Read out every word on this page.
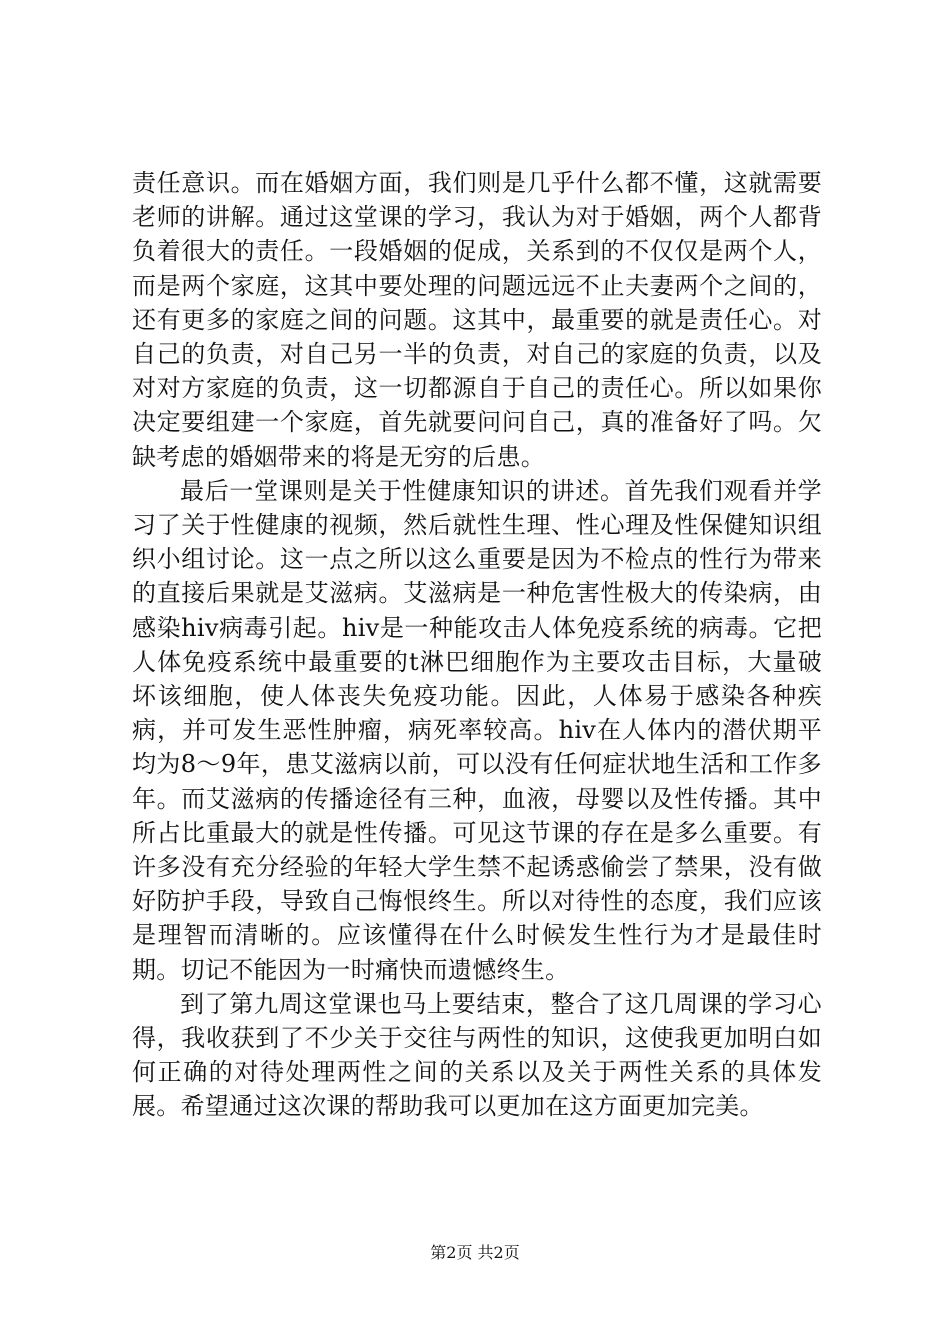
责任意识。而在婚姻方面，我们则是几乎什么都不懂，这就需要老师的讲解。通过这堂课的学习，我认为对于婚姻，两个人都背负着很大的责任。一段婚姻的促成，关系到的不仅仅是两个人，而是两个家庭，这其中要处理的问题远远不止夫妻两个之间的，还有更多的家庭之间的问题。这其中，最重要的就是责任心。对自己的负责，对自己另一半的负责，对自己的家庭的负责，以及对对方家庭的负责，这一切都源自于自己的责任心。所以如果你决定要组建一个家庭，首先就要问问自己，真的准备好了吗。欠缺考虑的婚姻带来的将是无穷的后患。

最后一堂课则是关于性健康知识的讲述。首先我们观看并学习了关于性健康的视频，然后就性生理、性心理及性保健知识组织小组讨论。这一点之所以这么重要是因为不检点的性行为带来的直接后果就是艾滋病。艾滋病是一种危害性极大的传染病，由感染hiv病毒引起。hiv是一种能攻击人体免疫系统的病毒。它把人体免疫系统中最重要的t淋巴细胞作为主要攻击目标，大量破坏该细胞，使人体丧失免疫功能。因此，人体易于感染各种疾病，并可发生恶性肿瘤，病死率较高。hiv在人体内的潜伏期平均为8～9年，患艾滋病以前，可以没有任何症状地生活和工作多年。而艾滋病的传播途径有三种，血液，母婴以及性传播。其中所占比重最大的就是性传播。可见这节课的存在是多么重要。有许多没有充分经验的年轻大学生禁不起诱惑偷尝了禁果，没有做好防护手段，导致自己悔恨终生。所以对待性的态度，我们应该是理智而清晰的。应该懂得在什么时候发生性行为才是最佳时期。切记不能因为一时痛快而遗憾终生。

到了第九周这堂课也马上要结束，整合了这几周课的学习心得，我收获到了不少关于交往与两性的知识，这使我更加明白如何正确的对待处理两性之间的关系以及关于两性关系的具体发展。希望通过这次课的帮助我可以更加在这方面更加完美。

第2页 共2页
